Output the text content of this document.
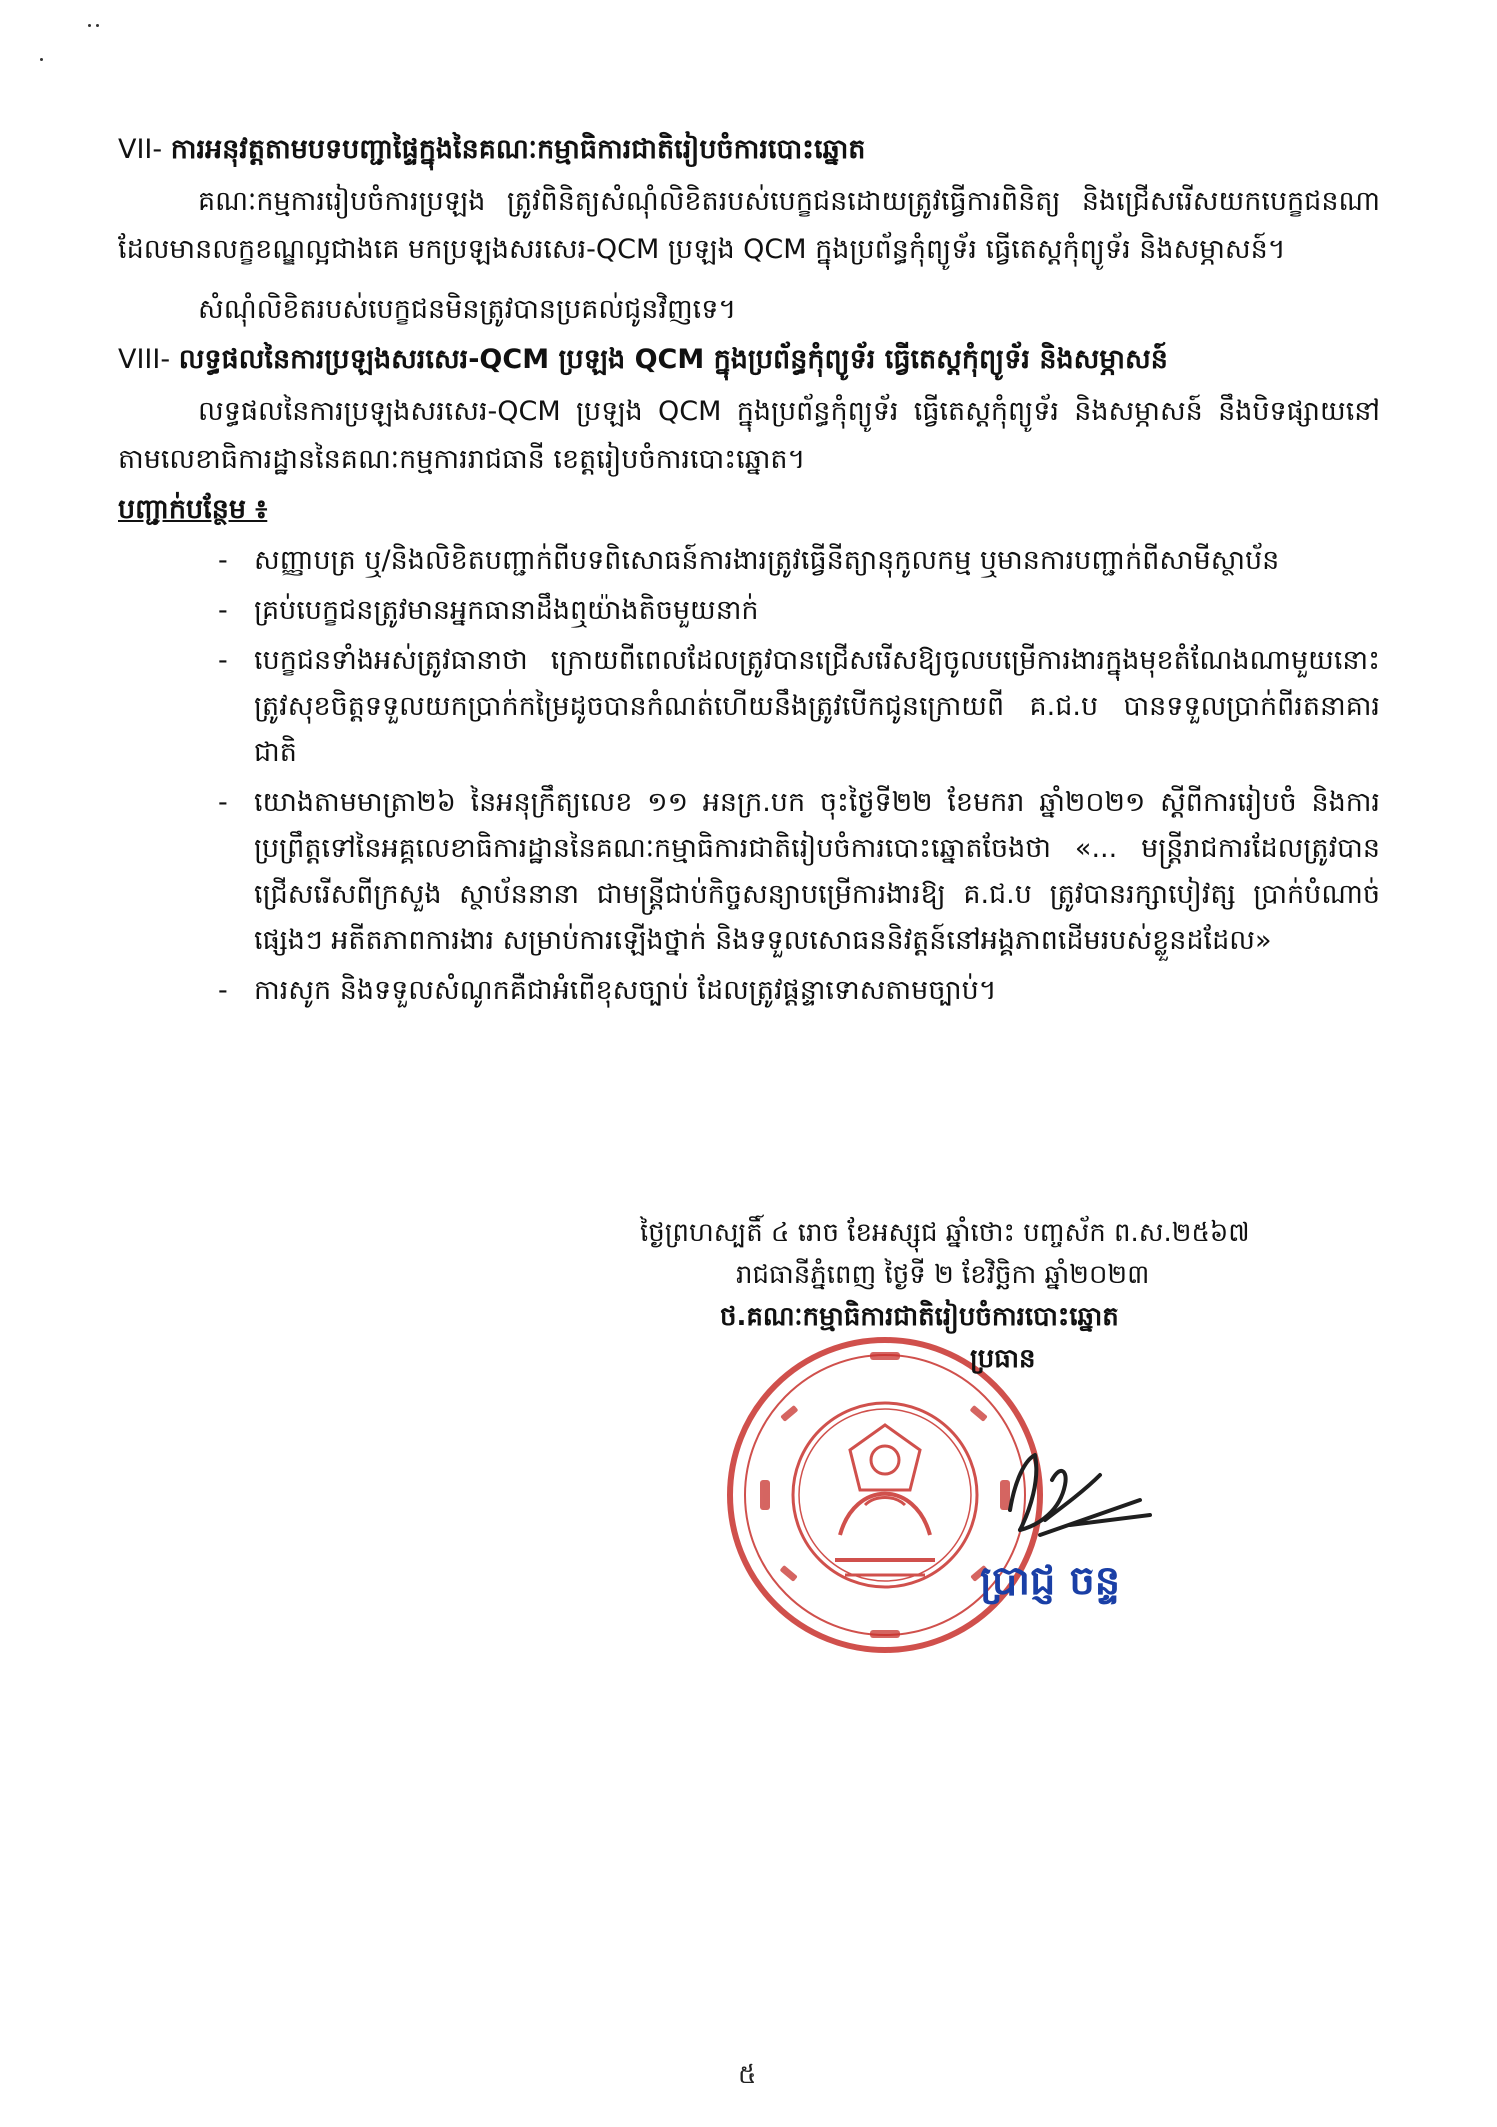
VII- ការអនុវត្តតាមបទបញ្ជាផ្ទៃក្នុងនៃគណៈកម្មាធិការជាតិរៀបចំការបោះឆ្នោត

គណៈកម្មការរៀបចំការប្រឡង ត្រូវពិនិត្យសំណុំលិខិតរបស់បេក្ខជនដោយត្រូវធ្វើការពិនិត្យ និងជ្រើសរើសយកបេក្ខជនណាដែលមានលក្ខខណ្ឌល្អជាងគេ មកប្រឡងសរសេរ-QCM ប្រឡង QCM ក្នុងប្រព័ន្ធកុំព្យូទ័រ ធ្វើតេស្តកុំព្យូទ័រ និងសម្ភាសន៍។

សំណុំលិខិតរបស់បេក្ខជនមិនត្រូវបានប្រគល់ជូនវិញទេ។

VIII- លទ្ធផលនៃការប្រឡងសរសេរ-QCM ប្រឡង QCM ក្នុងប្រព័ន្ធកុំព្យូទ័រ ធ្វើតេស្តកុំព្យូទ័រ និងសម្ភាសន៍

លទ្ធផលនៃការប្រឡងសរសេរ-QCM ប្រឡង QCM ក្នុងប្រព័ន្ធកុំព្យូទ័រ ធ្វើតេស្តកុំព្យូទ័រ និងសម្ភាសន៍ នឹងបិទផ្សាយនៅតាមលេខាធិការដ្ឋាននៃគណៈកម្មការរាជធានី ខេត្តរៀបចំការបោះឆ្នោត។

បញ្ជាក់បន្ថែម ៖

- សញ្ញាបត្រ ឬ/និងលិខិតបញ្ជាក់ពីបទពិសោធន៍ការងារត្រូវធ្វើនីត្យានុកូលកម្ម ឬមានការបញ្ជាក់ពីសាមីស្ថាប័ន
- គ្រប់បេក្ខជនត្រូវមានអ្នកធានាដឹងឮយ៉ាងតិចមួយនាក់
- បេក្ខជនទាំងអស់ត្រូវធានាថា ក្រោយពីពេលដែលត្រូវបានជ្រើសរើសឱ្យចូលបម្រើការងារក្នុងមុខតំណែងណាមួយនោះ ត្រូវសុខចិត្តទទួលយកប្រាក់កម្រៃដូចបានកំណត់ហើយនឹងត្រូវបើកជូនក្រោយពី គ.ជ.ប បានទទួលប្រាក់ពីរតនាគារជាតិ
- យោងតាមមាត្រា២៦ នៃអនុក្រឹត្យលេខ ១១ អនក្រ.បក ចុះថ្ងៃទី២២ ខែមករា ឆ្នាំ២០២១ ស្តីពីការរៀបចំ និងការប្រព្រឹត្តទៅនៃអគ្គលេខាធិការដ្ឋាននៃគណៈកម្មាធិការជាតិរៀបចំការបោះឆ្នោតចែងថា «... មន្ត្រីរាជការដែលត្រូវបានជ្រើសរើសពីក្រសួង ស្ថាប័ននានា ជាមន្ត្រីជាប់កិច្ចសន្យាបម្រើការងារឱ្យ គ.ជ.ប ត្រូវបានរក្សាបៀវត្ស ប្រាក់បំណាច់ផ្សេងៗ អតីតភាពការងារ សម្រាប់ការឡើងថ្នាក់ និងទទួលសោធននិវត្តន៍នៅអង្គភាពដើមរបស់ខ្លួនដដែល»
- ការសូក និងទទួលសំណូកគឺជាអំពើខុសច្បាប់ ដែលត្រូវផ្តន្ទាទោសតាមច្បាប់។
ថ្ងៃព្រហស្បតិ៍ ៤ រោច ខែអស្សុជ ឆ្នាំថោះ បញ្ចស័ក ព.ស.២៥៦៧
រាជធានីភ្នំពេញ ថ្ងៃទី ២ ខែវិច្ឆិកា ឆ្នាំ២០២៣
ថ.គណៈកម្មាធិការជាតិរៀបចំការបោះឆ្នោត
ប្រធាន
ប្រាជ្ញ ចន្ទ
៥
